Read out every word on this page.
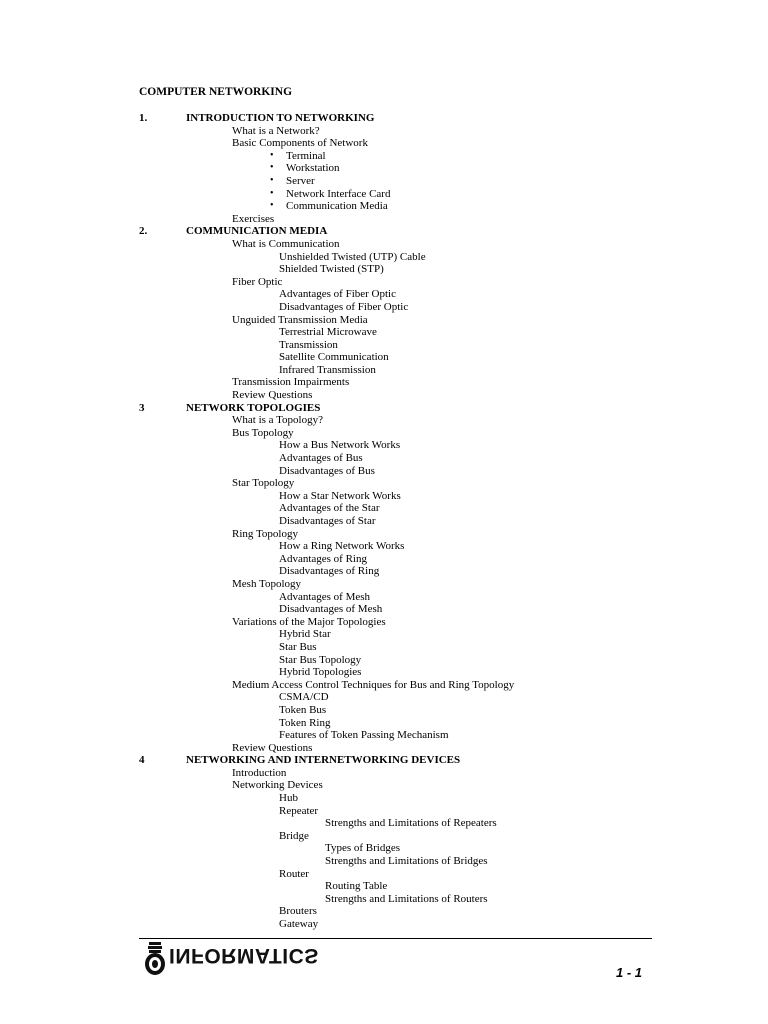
COMPUTER NETWORKING
1.	INTRODUCTION TO NETWORKING
What is a Network?
Basic Components of Network
• Terminal
• Workstation
• Server
• Network Interface Card
• Communication Media
Exercises
2.	COMMUNICATION MEDIA
What is Communication
Unshielded Twisted (UTP) Cable
Shielded Twisted (STP)
Fiber Optic
Advantages of Fiber Optic
Disadvantages of Fiber Optic
Unguided Transmission Media
Terrestrial Microwave
Transmission
Satellite Communication
Infrared Transmission
Transmission Impairments
Review Questions
3	NETWORK TOPOLOGIES
What is a Topology?
Bus Topology
How a Bus Network Works
Advantages of Bus
Disadvantages of Bus
Star Topology
How a Star Network Works
Advantages of the Star
Disadvantages of Star
Ring Topology
How a Ring Network Works
Advantages of Ring
Disadvantages of Ring
Mesh Topology
Advantages of Mesh
Disadvantages of Mesh
Variations of the Major Topologies
Hybrid Star
Star Bus
Star Bus Topology
Hybrid Topologies
Medium Access Control Techniques for Bus and Ring Topology
CSMA/CD
Token Bus
Token Ring
Features of Token Passing Mechanism
Review Questions
4	NETWORKING AND INTERNETWORKING DEVICES
Introduction
Networking Devices
Hub
Repeater
Strengths and Limitations of Repeaters
Bridge
Types of Bridges
Strengths and Limitations of Bridges
Router
Routing Table
Strengths and Limitations of Routers
Brouters
Gateway
INFORMATICS
1 - 1
